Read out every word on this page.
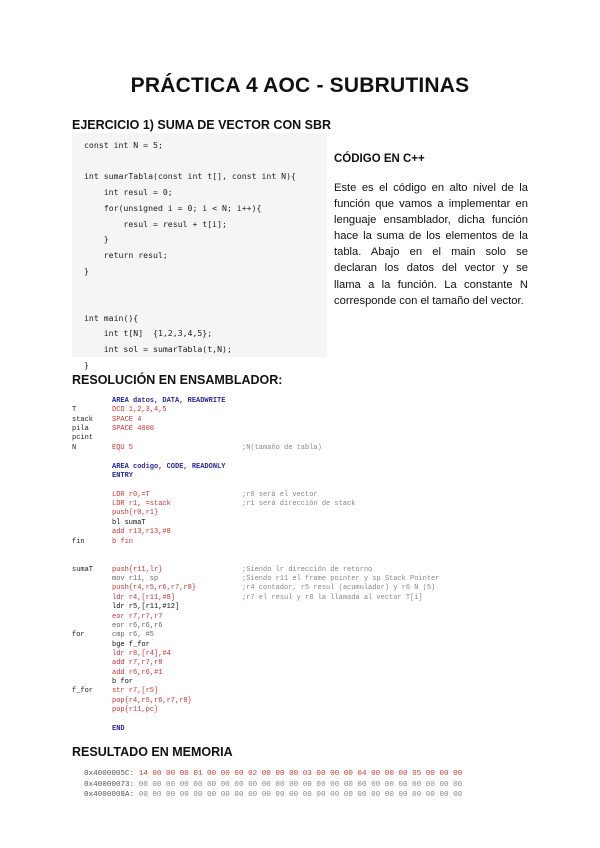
PRÁCTICA 4 AOC - SUBRUTINAS
EJERCICIO 1) SUMA DE VECTOR CON SBR
const int N = 5;
int sumarTabla(const int t[], const int N){
int resul = 0;
for(unsigned i = 0; i < N; i++){
resul = resul + t[i];
}
return resul;
}
int main(){
int t[N]  {1,2,3,4,5};
int sol = sumarTabla(t,N);
}
CÓDIGO EN C++
Este es el código en alto nivel de la función que vamos a implementar en lenguaje ensamblador, dicha función hace la suma de los elementos de la tabla. Abajo en el main solo se declaran los datos del vector y se llama a la función. La constante N corresponde con el tamaño del vector.
RESOLUCIÓN EN ENSAMBLADOR:
AREA datos, DATA, READWRITE
T	DCD 1,2,3,4,5
stack	SPACE 4
pila	SPACE 4000
pcint
N	EQU 5	;N(tamaño de tabla)
AREA codigo, CODE, READONLY
ENTRY
LDR r0,=T	;r0 será el vector
LDR r1, =stack	;r1 será dirección de stack
push{r0,r1}
bl sumaT
add r13,r13,#8
fin	b fin
sumaT	push{r11,lr}	;Siendo lr dirección de retorno
mov r11, sp	;Siendo r11 el frame pointer y sp Stack Pointer
push{r4,r5,r6,r7,r8}	;r4 contador, r5 resul (acumulador) y r6 N (5)
ldr r4,[r11,#8]	;r7 el resul y r8 la llamada al vector T[i]
ldr r5,[r11,#12]
eor r7,r7,r7
eor r6,r6,r6
for	cmp r6, #5
bge f_for
ldr r8,[r4],#4
add r7,r7,r8
add r6,r6,#1
b for
f_for	str r7,[r5]
pop{r4,r5,r6,r7,r8}
pop{r11,pc}
END
RESULTADO EN MEMORIA
0x4000005C: 14 00 00 00 01 00 00 00 02 00 00 00 03 00 00 00 04 00 00 00 05 00 00 00
0x40000073: 00 00 00 00 00 00 00 00 00 00 00 00 00 00 00 00 00 00 00 00 00 00 00 00
0x4000008A: 00 00 00 00 00 00 00 00 00 00 00 00 00 00 00 00 00 00 00 00 00 00 00 00
